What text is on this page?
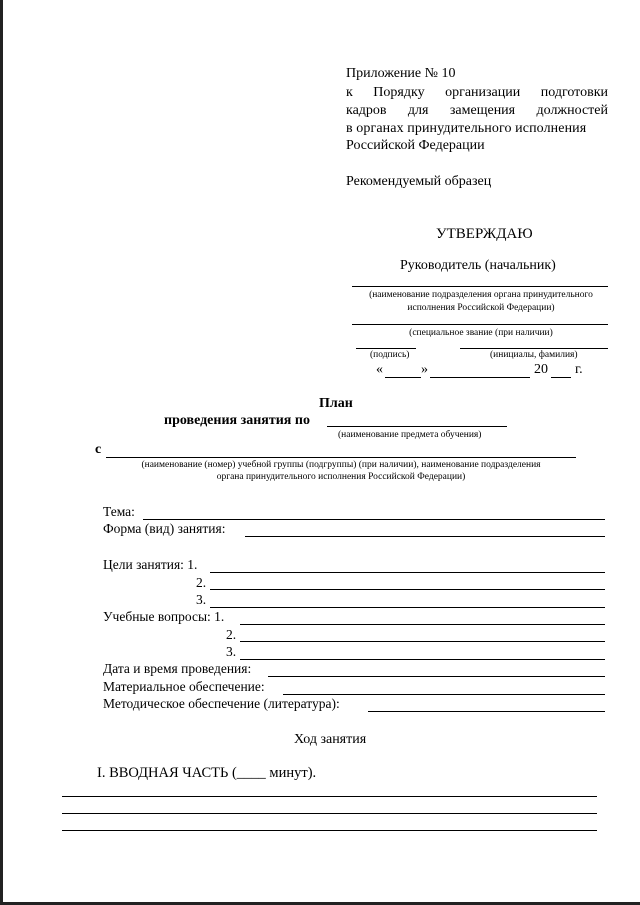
Приложение № 10
к Порядку организации подготовки
кадров для замещения должностей
в органах принудительного исполнения
Российской Федерации
Рекомендуемый образец
УТВЕРЖДАЮ
Руководитель (начальник)
(наименование подразделения органа принудительного
исполнения Российской Федерации)
(специальное звание (при наличии)
(подпись)	(инициалы, фамилия)
«	»	20 г.
План
проведения занятия по
(наименование предмета обучения)
с
(наименование (номер) учебной группы (подгруппы) (при наличии), наименование подразделения
органа принудительного исполнения Российской Федерации)
Тема:
Форма (вид) занятия:
Цели занятия: 1.
2.
3.
Учебные вопросы: 1.
2.
3.
Дата и время проведения:
Материальное обеспечение:
Методическое обеспечение (литература):
Ход занятия
I. ВВОДНАЯ ЧАСТЬ (____ минут).
